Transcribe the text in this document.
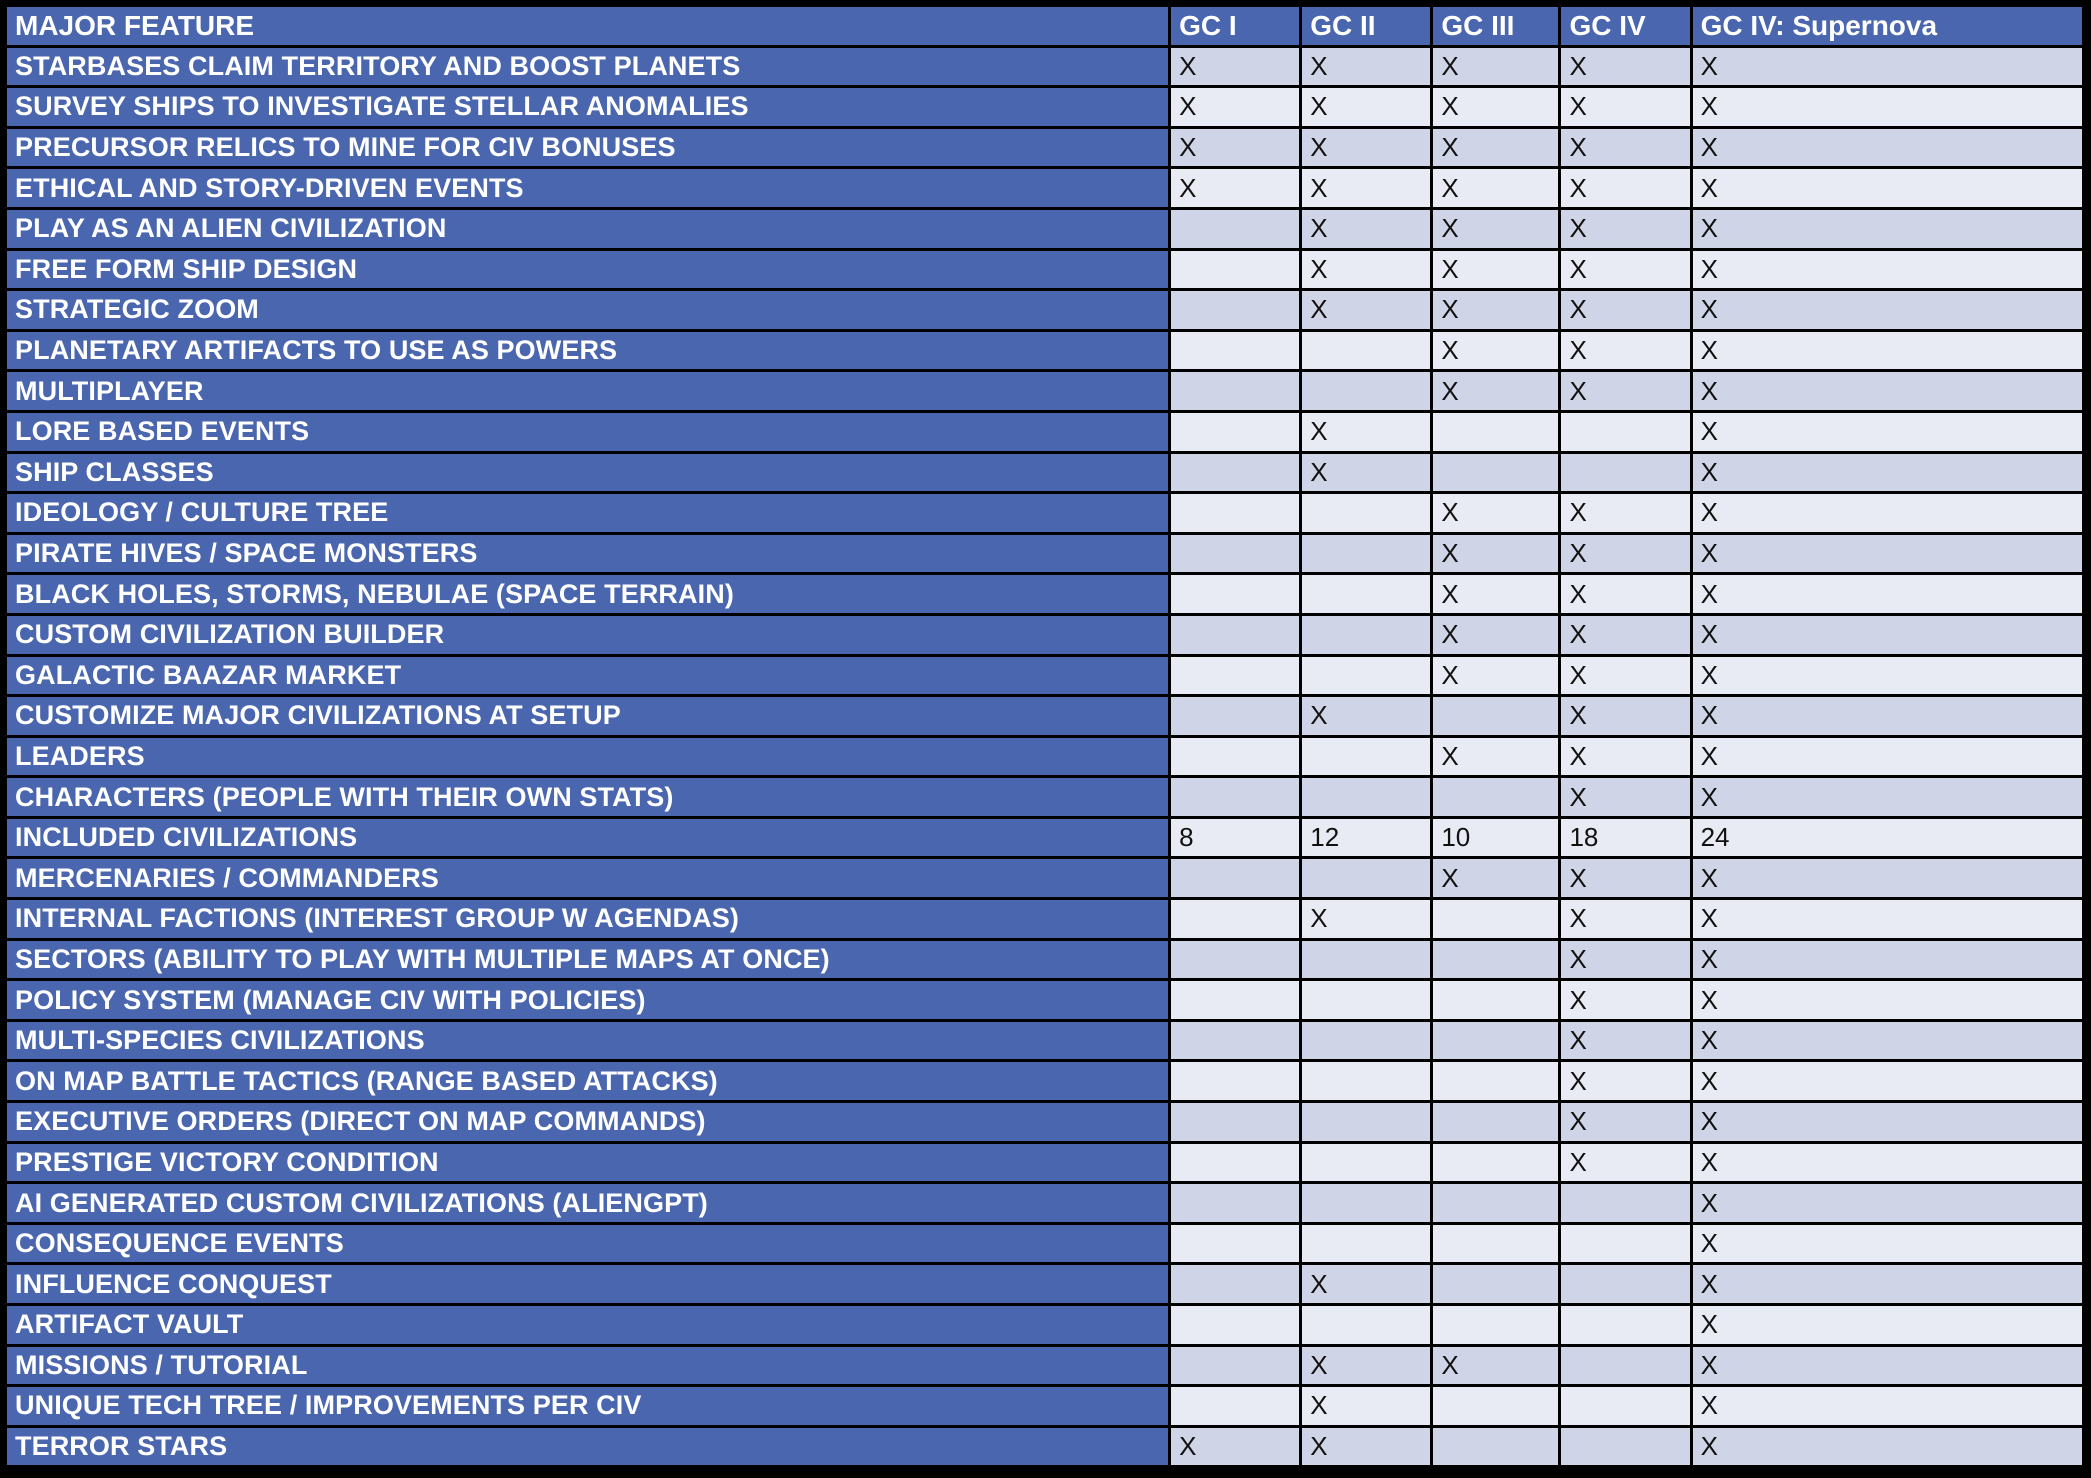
MAJOR FEATURE	GC I	GC II	GC III	GC IV	GC IV: Supernova
STARBASES CLAIM TERRITORY AND BOOST PLANETS	X	X	X	X	X
SURVEY SHIPS TO INVESTIGATE STELLAR ANOMALIES	X	X	X	X	X
PRECURSOR RELICS TO MINE FOR CIV BONUSES	X	X	X	X	X
ETHICAL AND STORY-DRIVEN EVENTS	X	X	X	X	X
PLAY AS AN ALIEN CIVILIZATION		X	X	X	X
FREE FORM SHIP DESIGN		X	X	X	X
STRATEGIC ZOOM		X	X	X	X
PLANETARY ARTIFACTS TO USE AS POWERS			X	X	X
MULTIPLAYER			X	X	X
LORE BASED EVENTS		X			X
SHIP CLASSES		X			X
IDEOLOGY / CULTURE TREE			X	X	X
PIRATE HIVES / SPACE MONSTERS			X	X	X
BLACK HOLES, STORMS, NEBULAE (SPACE TERRAIN)			X	X	X
CUSTOM CIVILIZATION BUILDER			X	X	X
GALACTIC BAAZAR MARKET			X	X	X
CUSTOMIZE MAJOR CIVILIZATIONS AT SETUP		X		X	X
LEADERS			X	X	X
CHARACTERS (PEOPLE WITH THEIR OWN STATS)				X	X
INCLUDED CIVILIZATIONS	8	12	10	18	24
MERCENARIES / COMMANDERS			X	X	X
INTERNAL FACTIONS (INTEREST GROUP W AGENDAS)		X		X	X
SECTORS (ABILITY TO PLAY WITH MULTIPLE MAPS AT ONCE)				X	X
POLICY SYSTEM (MANAGE CIV WITH POLICIES)				X	X
MULTI-SPECIES CIVILIZATIONS				X	X
ON MAP BATTLE TACTICS (RANGE BASED ATTACKS)				X	X
EXECUTIVE ORDERS (DIRECT ON MAP COMMANDS)				X	X
PRESTIGE VICTORY CONDITION				X	X
AI GENERATED CUSTOM CIVILIZATIONS (ALIENGPT)					X
CONSEQUENCE EVENTS					X
INFLUENCE CONQUEST		X			X
ARTIFACT VAULT					X
MISSIONS / TUTORIAL		X	X		X
UNIQUE TECH TREE / IMPROVEMENTS PER CIV		X			X
TERROR STARS	X	X			X
